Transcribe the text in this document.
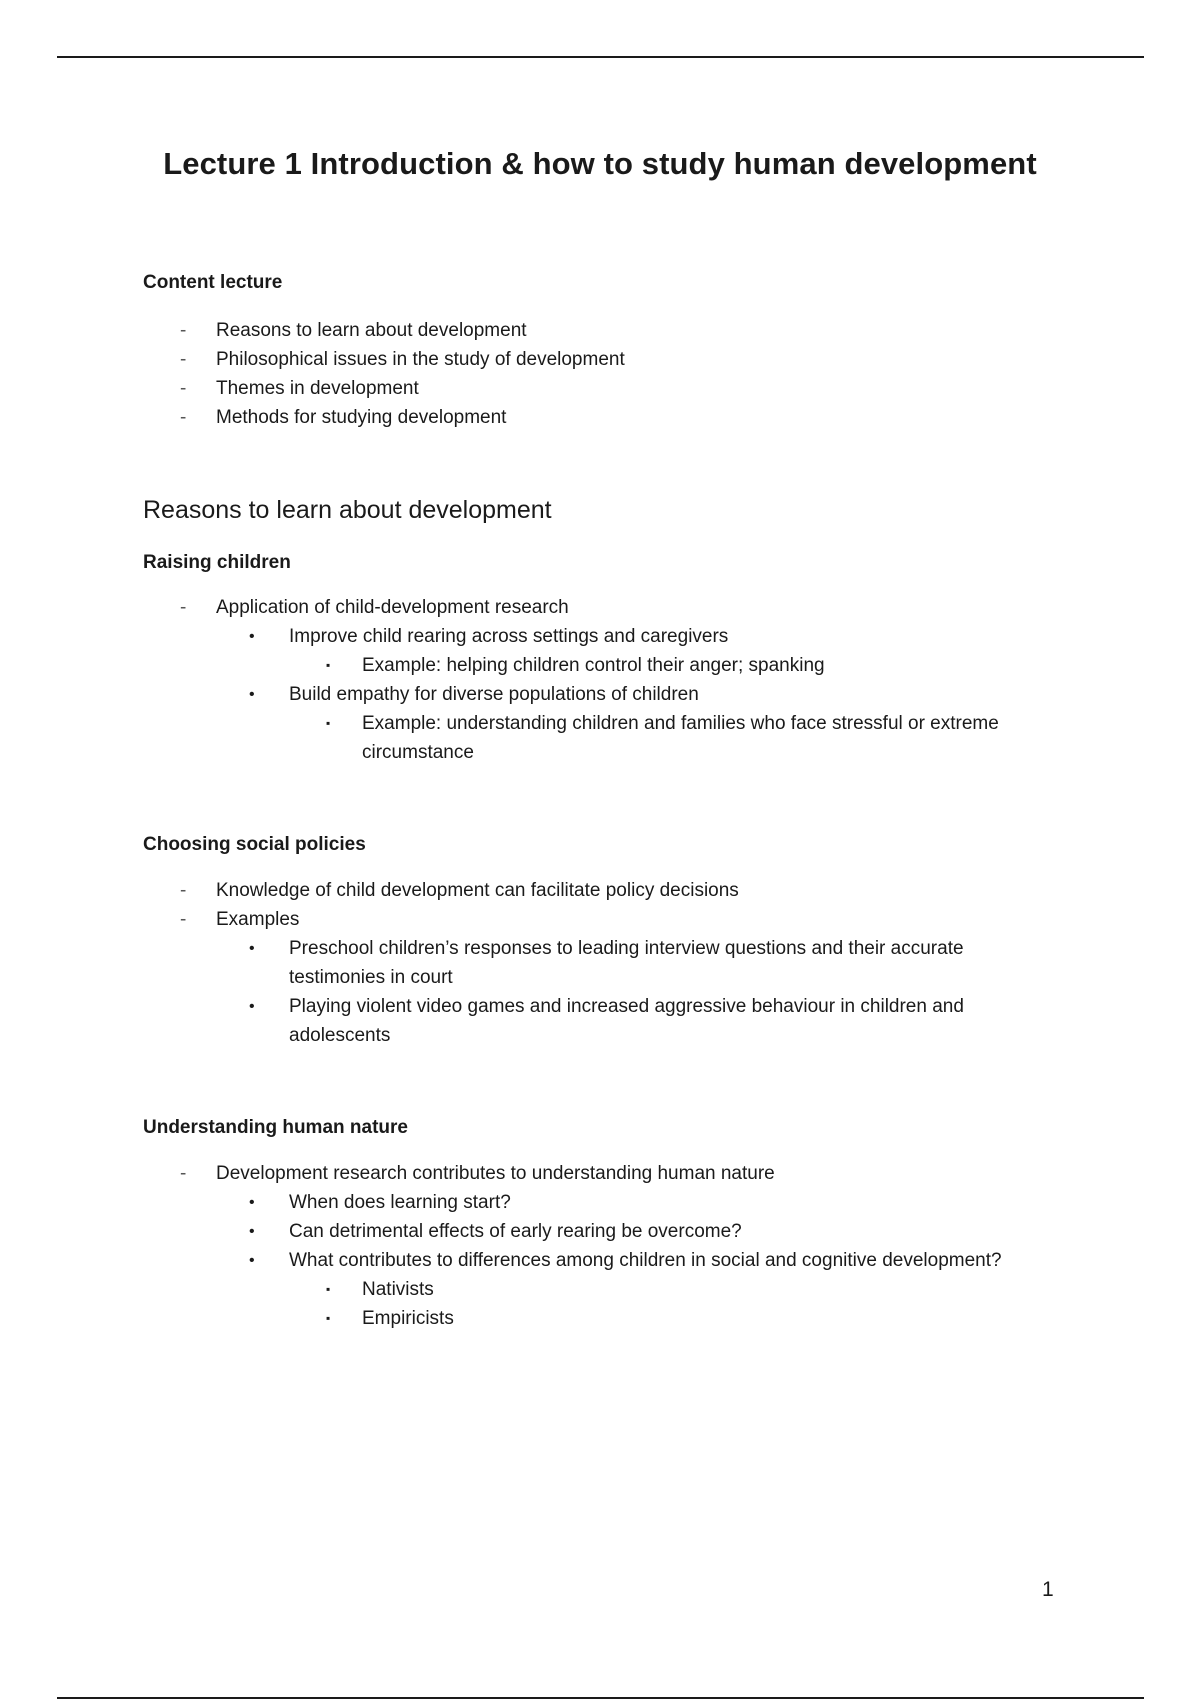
Lecture 1 Introduction & how to study human development
Content lecture
- Reasons to learn about development
- Philosophical issues in the study of development
- Themes in development
- Methods for studying development
Reasons to learn about development
Raising children
- Application of child-development research
• Improve child rearing across settings and caregivers
▪ Example: helping children control their anger; spanking
• Build empathy for diverse populations of children
▪ Example: understanding children and families who face stressful or extreme
circumstance
Choosing social policies
- Knowledge of child development can facilitate policy decisions
- Examples
• Preschool children’s responses to leading interview questions and their accurate
testimonies in court
• Playing violent video games and increased aggressive behaviour in children and
adolescents
Understanding human nature
- Development research contributes to understanding human nature
• When does learning start?
• Can detrimental effects of early rearing be overcome?
• What contributes to differences among children in social and cognitive development?
▪ Nativists
▪ Empiricists
1
